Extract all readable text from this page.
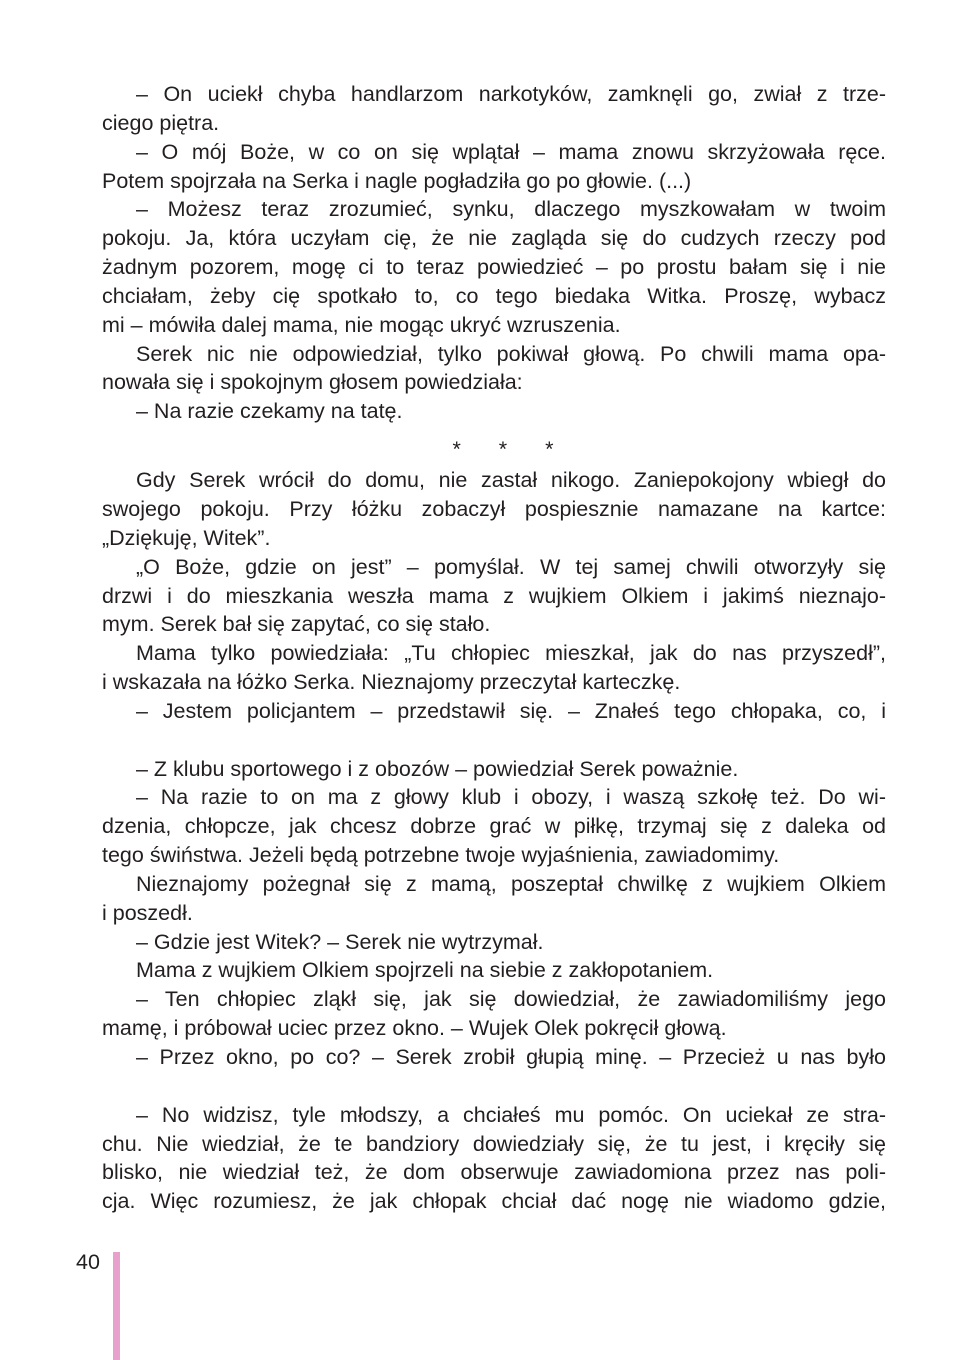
– On uciekł chyba handlarzom narkotyków, zamknęli go, zwiał z trze-
ciego piętra.
– O mój Boże, w co on się wplątał – mama znowu skrzyżowała ręce.
Potem spojrzała na Serka i nagle pogładziła go po głowie. (...)
– Możesz teraz zrozumieć, synku, dlaczego myszkowałam w twoim
pokoju. Ja, która uczyłam cię, że nie zagląda się do cudzych rzeczy pod
żadnym pozorem, mogę ci to teraz powiedzieć – po prostu bałam się i nie
chciałam, żeby cię spotkało to, co tego biedaka Witka. Proszę, wybacz
mi – mówiła dalej mama, nie mogąc ukryć wzruszenia.
Serek nic nie odpowiedział, tylko pokiwał głową. Po chwili mama opa-
nowała się i spokojnym głosem powiedziała:
– Na razie czekamy na tatę.
* * *
Gdy Serek wrócił do domu, nie zastał nikogo. Zaniepokojony wbiegł do
swojego pokoju. Przy łóżku zobaczył pospiesznie namazane na kartce:
„Dziękuję, Witek”.
„O Boże, gdzie on jest” – pomyślał. W tej samej chwili otworzyły się
drzwi i do mieszkania weszła mama z wujkiem Olkiem i jakimś nieznajo-
mym. Serek bał się zapytać, co się stało.
Mama tylko powiedziała: „Tu chłopiec mieszkał, jak do nas przyszedł”,
i wskazała na łóżko Serka. Nieznajomy przeczytał karteczkę.
– Jestem policjantem – przedstawił się. – Znałeś tego chłopaka, co, i
– Z klubu sportowego i z obozów – powiedział Serek poważnie.
– Na razie to on ma z głowy klub i obozy, i waszą szkołę też. Do wi-
dzenia, chłopcze, jak chcesz dobrze grać w piłkę, trzymaj się z daleka od
tego świństwa. Jeżeli będą potrzebne twoje wyjaśnienia, zawiadomimy.
Nieznajomy pożegnał się z mamą, poszeptał chwilkę z wujkiem Olkiem
i poszedł.
– Gdzie jest Witek? – Serek nie wytrzymał.
Mama z wujkiem Olkiem spojrzeli na siebie z zakłopotaniem.
– Ten chłopiec zląkł się, jak się dowiedział, że zawiadomiliśmy jego
mamę, i próbował uciec przez okno. – Wujek Olek pokręcił głową.
– Przez okno, po co? – Serek zrobił głupią minę. – Przecież u nas było
– No widzisz, tyle młodszy, a chciałeś mu pomóc. On uciekał ze stra-
chu. Nie wiedział, że te bandziory dowiedziały się, że tu jest, i kręciły się
blisko, nie wiedział też, że dom obserwuje zawiadomiona przez nas poli-
cja. Więc rozumiesz, że jak chłopak chciał dać nogę nie wiadomo gdzie,
40
